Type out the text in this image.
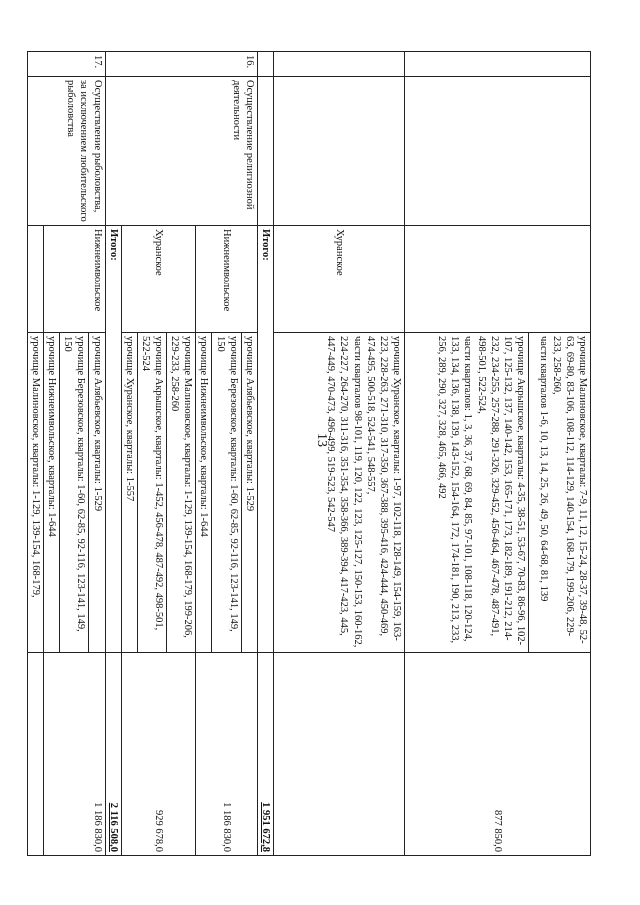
13

			урочище Малиновское, кварталы: 7-9, 11, 12, 15-24, 28-37, 39-48, 52-63, 69-80, 83-106, 108-112, 114-129, 140-154, 168-179, 199-206, 229-233, 258-260,
части кварталов 1-6, 10, 13, 14, 25, 26, 49, 50, 64-68, 81, 139	877 850,0

			урочище Акрышское, кварталы: 4-35, 38-51, 53-67, 70-83, 86-96, 102-107, 125-132, 137, 140-142, 153, 165-171, 173, 182-189, 191-212, 214-232, 234-255, 257-288, 291-326, 329-452, 456-464, 467-478, 487-491, 498-501, 522-524,
части кварталов: 1, 3, 36, 37, 68, 69, 84, 85, 97-101, 108-118, 120-124, 133, 134, 136, 138, 139, 143-152, 154-164, 172, 174-181, 190, 213, 233, 256, 289, 290, 327, 328, 465, 466, 492	

		Хуранское	урочище Хуранское, кварталы: 1-97, 102-118, 128-149, 154-159, 163-223, 228-263, 271-310, 317-350, 367-388, 395-416, 424-444, 450-469, 474-495, 500-518, 524-541, 548-557,
части кварталов 98-101, 119, 120, 122, 123, 125-127, 150-153, 160-162, 224-227, 264-270, 311-316, 351-354, 358-366, 389-394, 417-423, 445, 447-449, 470-473, 496-499, 519-523, 542-547	

		Итого:		1 951 672,8
16.	Осуществление религиозной деятельности	Нижнеимвольское	урочище Алябьевское, кварталы: 1-529	1 186 830,0
			урочище Березовское, кварталы: 1-60, 62-85, 92-116, 123-141, 149, 150	
			урочище Нижнеимвольское, кварталы: 1-644	
		Хуранское	урочище Малиновское, кварталы: 1-129, 139-154, 168-179, 199-206, 229-233, 258-260	929 678,0
			урочище Акрышское, кварталы: 1-452, 456-478, 487-492, 498-501, 522-524	
			урочище Хуранское, кварталы: 1-557	
		Итого:		2 116 508,0
17.	Осуществление рыболовства, за исключением любительского рыболовства	Нижнеимвольское	урочище Алябьевское, кварталы: 1-529	1 186 830,0
			урочище Березовское, кварталы: 1-60, 62-85, 92-116, 123-141, 149, 150	
			урочище Нижнеимвольское, кварталы: 1-644	
			урочище Малиновское, кварталы: 1-129, 139-154, 168-179,	
